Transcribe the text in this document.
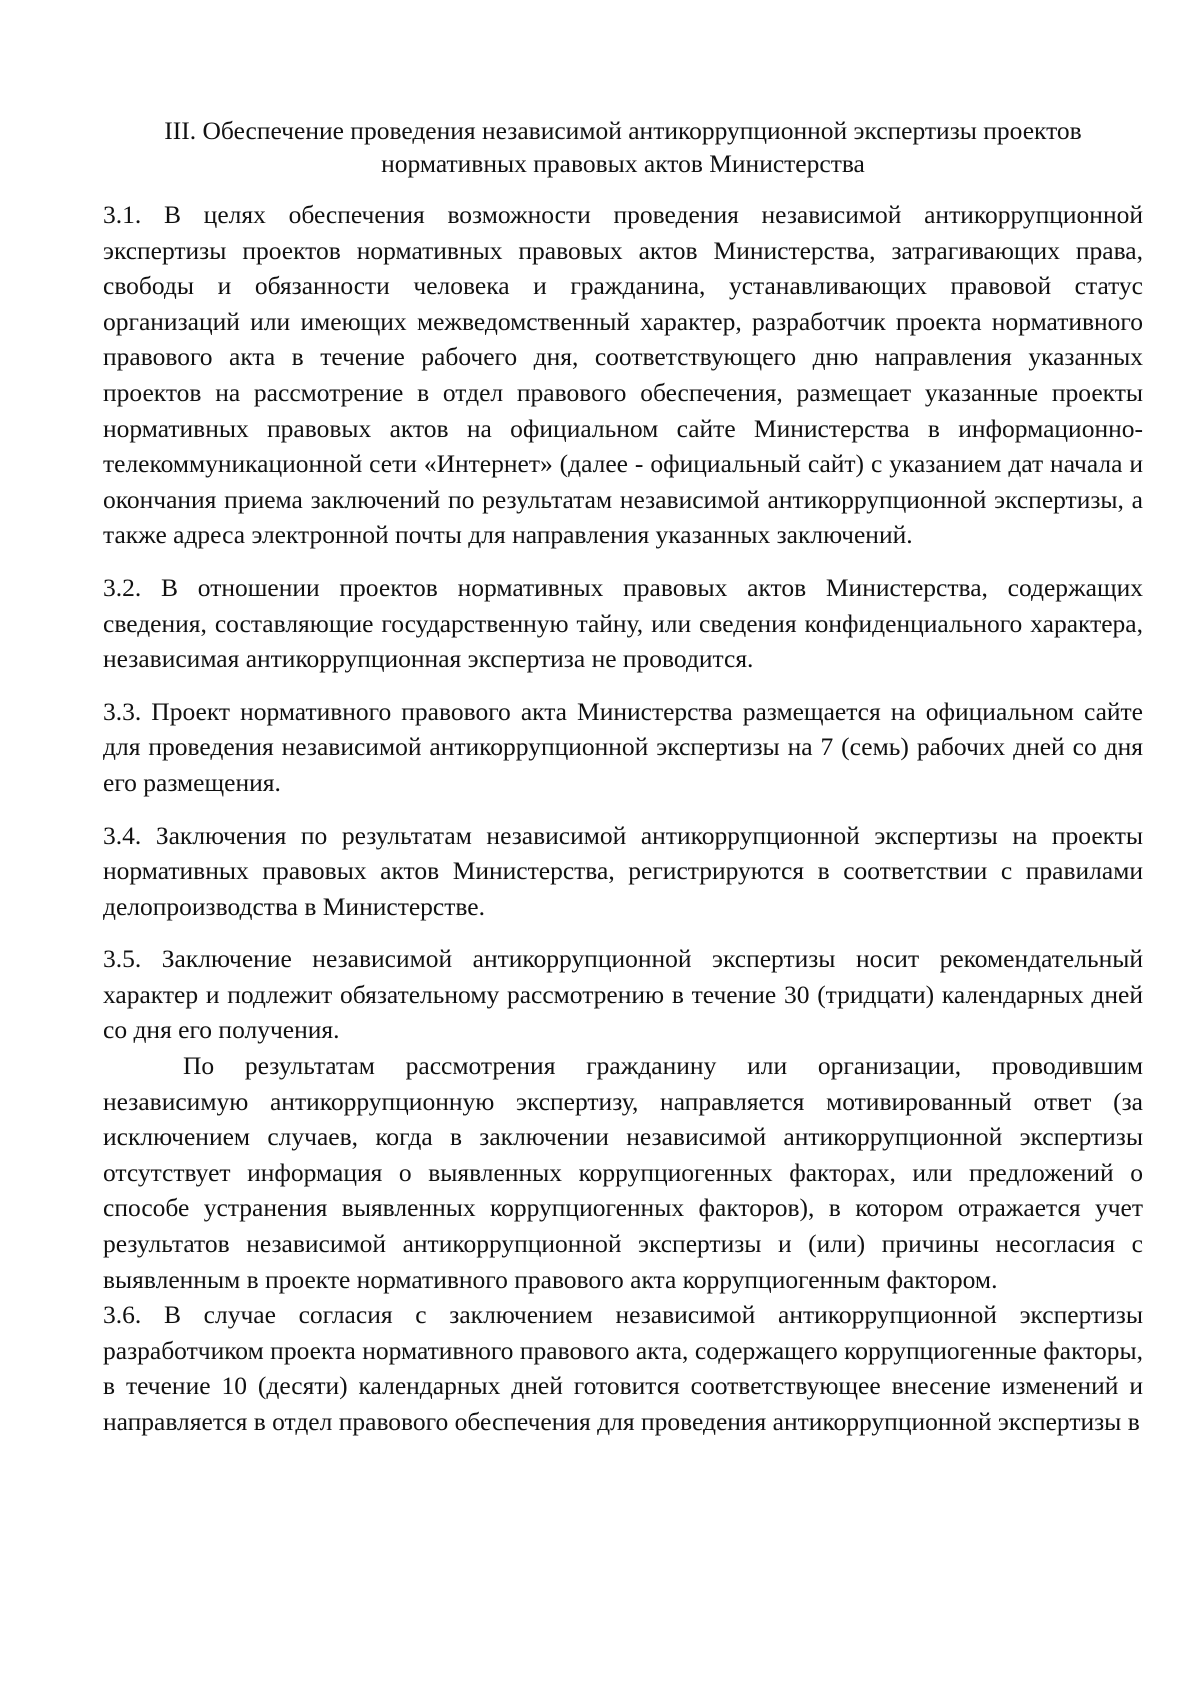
III. Обеспечение проведения независимой антикоррупционной экспертизы проектов
нормативных правовых актов Министерства

3.1. В целях обеспечения возможности проведения независимой антикоррупционной экспертизы проектов нормативных правовых актов Министерства, затрагивающих права, свободы и обязанности человека и гражданина, устанавливающих правовой статус организаций или имеющих межведомственный характер, разработчик проекта нормативного правового акта в течение рабочего дня, соответствующего дню направления указанных проектов на рассмотрение в отдел правового обеспечения, размещает указанные проекты нормативных правовых актов на официальном сайте Министерства в информационно-телекоммуникационной сети «Интернет» (далее - официальный сайт) с указанием дат начала и окончания приема заключений по результатам независимой антикоррупционной экспертизы, а также адреса электронной почты для направления указанных заключений.

3.2. В отношении проектов нормативных правовых актов Министерства, содержащих сведения, составляющие государственную тайну, или сведения конфиденциального характера, независимая антикоррупционная экспертиза не проводится.

3.3. Проект нормативного правового акта Министерства размещается на официальном сайте для проведения независимой антикоррупционной экспертизы на 7 (семь) рабочих дней со дня его размещения.

3.4. Заключения по результатам независимой антикоррупционной экспертизы на проекты нормативных правовых актов Министерства, регистрируются в соответствии с правилами делопроизводства в Министерстве.

3.5. Заключение независимой антикоррупционной экспертизы носит рекомендательный характер и подлежит обязательному рассмотрению в течение 30 (тридцати) календарных дней со дня его получения.

По результатам рассмотрения гражданину или организации, проводившим независимую антикоррупционную экспертизу, направляется мотивированный ответ (за исключением случаев, когда в заключении независимой антикоррупционной экспертизы отсутствует информация о выявленных коррупциогенных факторах, или предложений о способе устранения выявленных коррупциогенных факторов), в котором отражается учет результатов независимой антикоррупционной экспертизы и (или) причины несогласия с выявленным в проекте нормативного правового акта коррупциогенным фактором.

3.6. В случае согласия с заключением независимой антикоррупционной экспертизы разработчиком проекта нормативного правового акта, содержащего коррупциогенные факторы, в течение 10 (десяти) календарных дней готовится соответствующее внесение изменений и направляется в отдел правового обеспечения для проведения антикоррупционной экспертизы в
